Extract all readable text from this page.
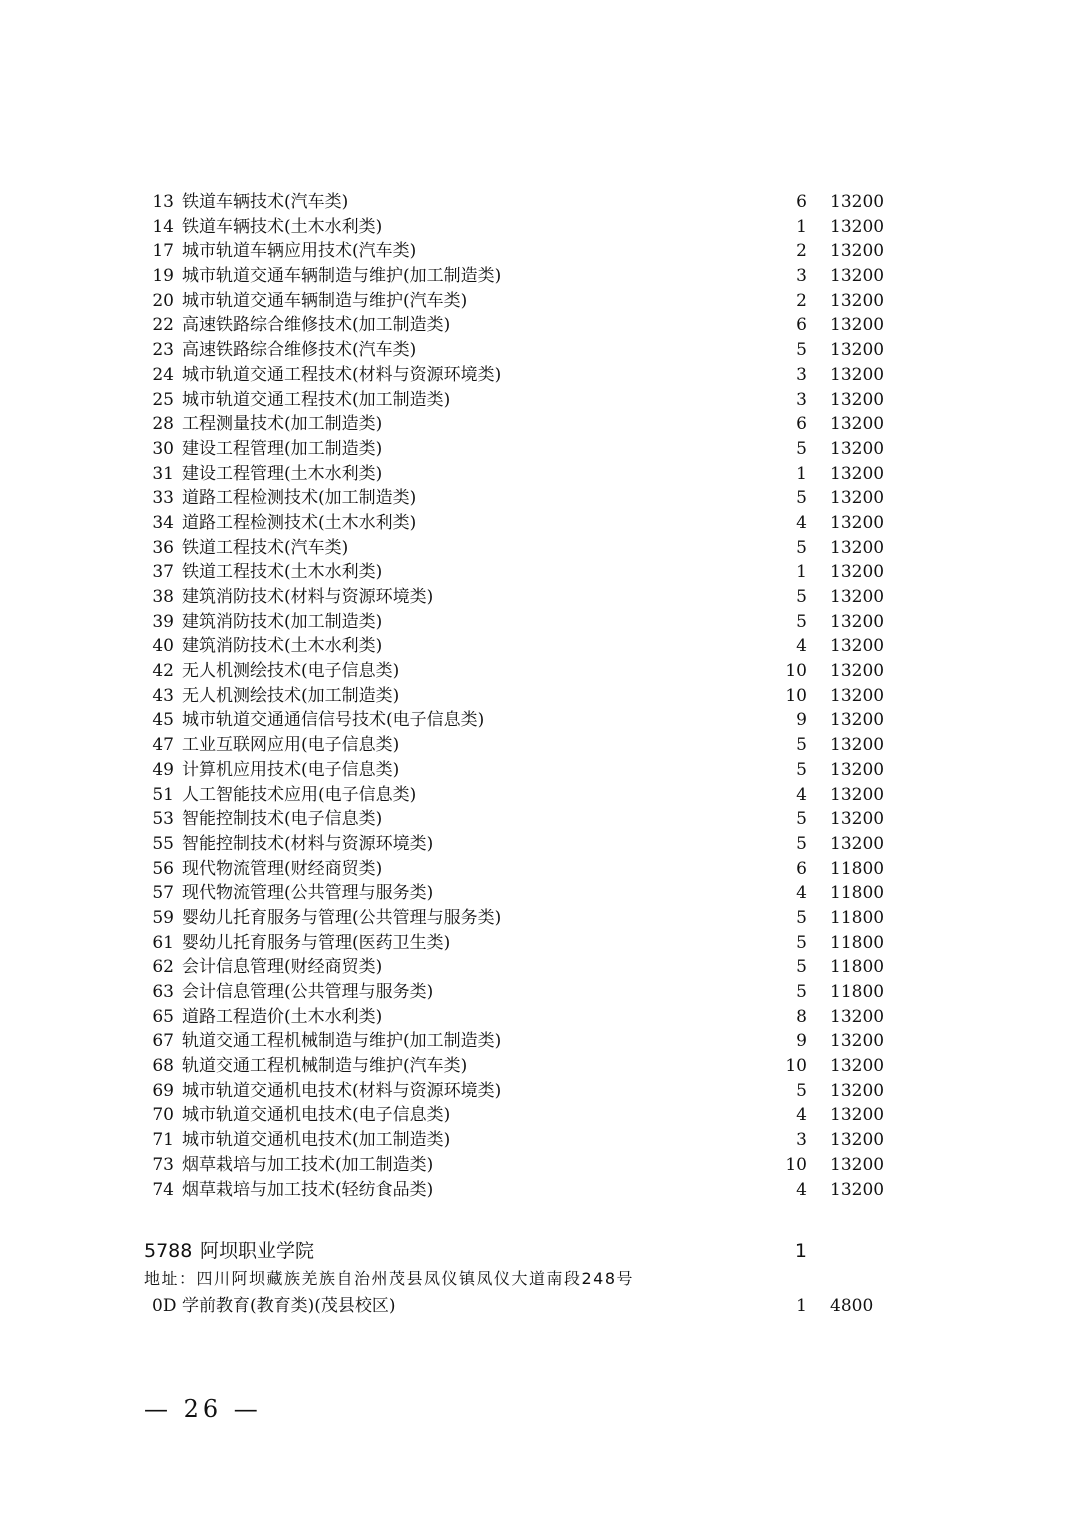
13 铁道车辆技术(汽车类)	6 13200
14 铁道车辆技术(土木水利类)	1 13200
17 城市轨道车辆应用技术(汽车类)	2 13200
19 城市轨道交通车辆制造与维护(加工制造类)	3 13200
20 城市轨道交通车辆制造与维护(汽车类)	2 13200
22 高速铁路综合维修技术(加工制造类)	6 13200
23 高速铁路综合维修技术(汽车类)	5 13200
24 城市轨道交通工程技术(材料与资源环境类)	3 13200
25 城市轨道交通工程技术(加工制造类)	3 13200
28 工程测量技术(加工制造类)	6 13200
30 建设工程管理(加工制造类)	5 13200
31 建设工程管理(土木水利类)	1 13200
33 道路工程检测技术(加工制造类)	5 13200
34 道路工程检测技术(土木水利类)	4 13200
36 铁道工程技术(汽车类)	5 13200
37 铁道工程技术(土木水利类)	1 13200
38 建筑消防技术(材料与资源环境类)	5 13200
39 建筑消防技术(加工制造类)	5 13200
40 建筑消防技术(土木水利类)	4 13200
42 无人机测绘技术(电子信息类)	10 13200
43 无人机测绘技术(加工制造类)	10 13200
45 城市轨道交通通信信号技术(电子信息类)	9 13200
47 工业互联网应用(电子信息类)	5 13200
49 计算机应用技术(电子信息类)	5 13200
51 人工智能技术应用(电子信息类)	4 13200
53 智能控制技术(电子信息类)	5 13200
55 智能控制技术(材料与资源环境类)	5 13200
56 现代物流管理(财经商贸类)	6 11800
57 现代物流管理(公共管理与服务类)	4 11800
59 婴幼儿托育服务与管理(公共管理与服务类)	5 11800
61 婴幼儿托育服务与管理(医药卫生类)	5 11800
62 会计信息管理(财经商贸类)	5 11800
63 会计信息管理(公共管理与服务类)	5 11800
65 道路工程造价(土木水利类)	8 13200
67 轨道交通工程机械制造与维护(加工制造类)	9 13200
68 轨道交通工程机械制造与维护(汽车类)	10 13200
69 城市轨道交通机电技术(材料与资源环境类)	5 13200
70 城市轨道交通机电技术(电子信息类)	4 13200
71 城市轨道交通机电技术(加工制造类)	3 13200
73 烟草栽培与加工技术(加工制造类)	10 13200
74 烟草栽培与加工技术(轻纺食品类)	4 13200
5788 阿坝职业学院	1
地址：四川阿坝藏族羌族自治州茂县凤仪镇凤仪大道南段248号
0D 学前教育(教育类)(茂县校区)	1 4800
— 26 —
